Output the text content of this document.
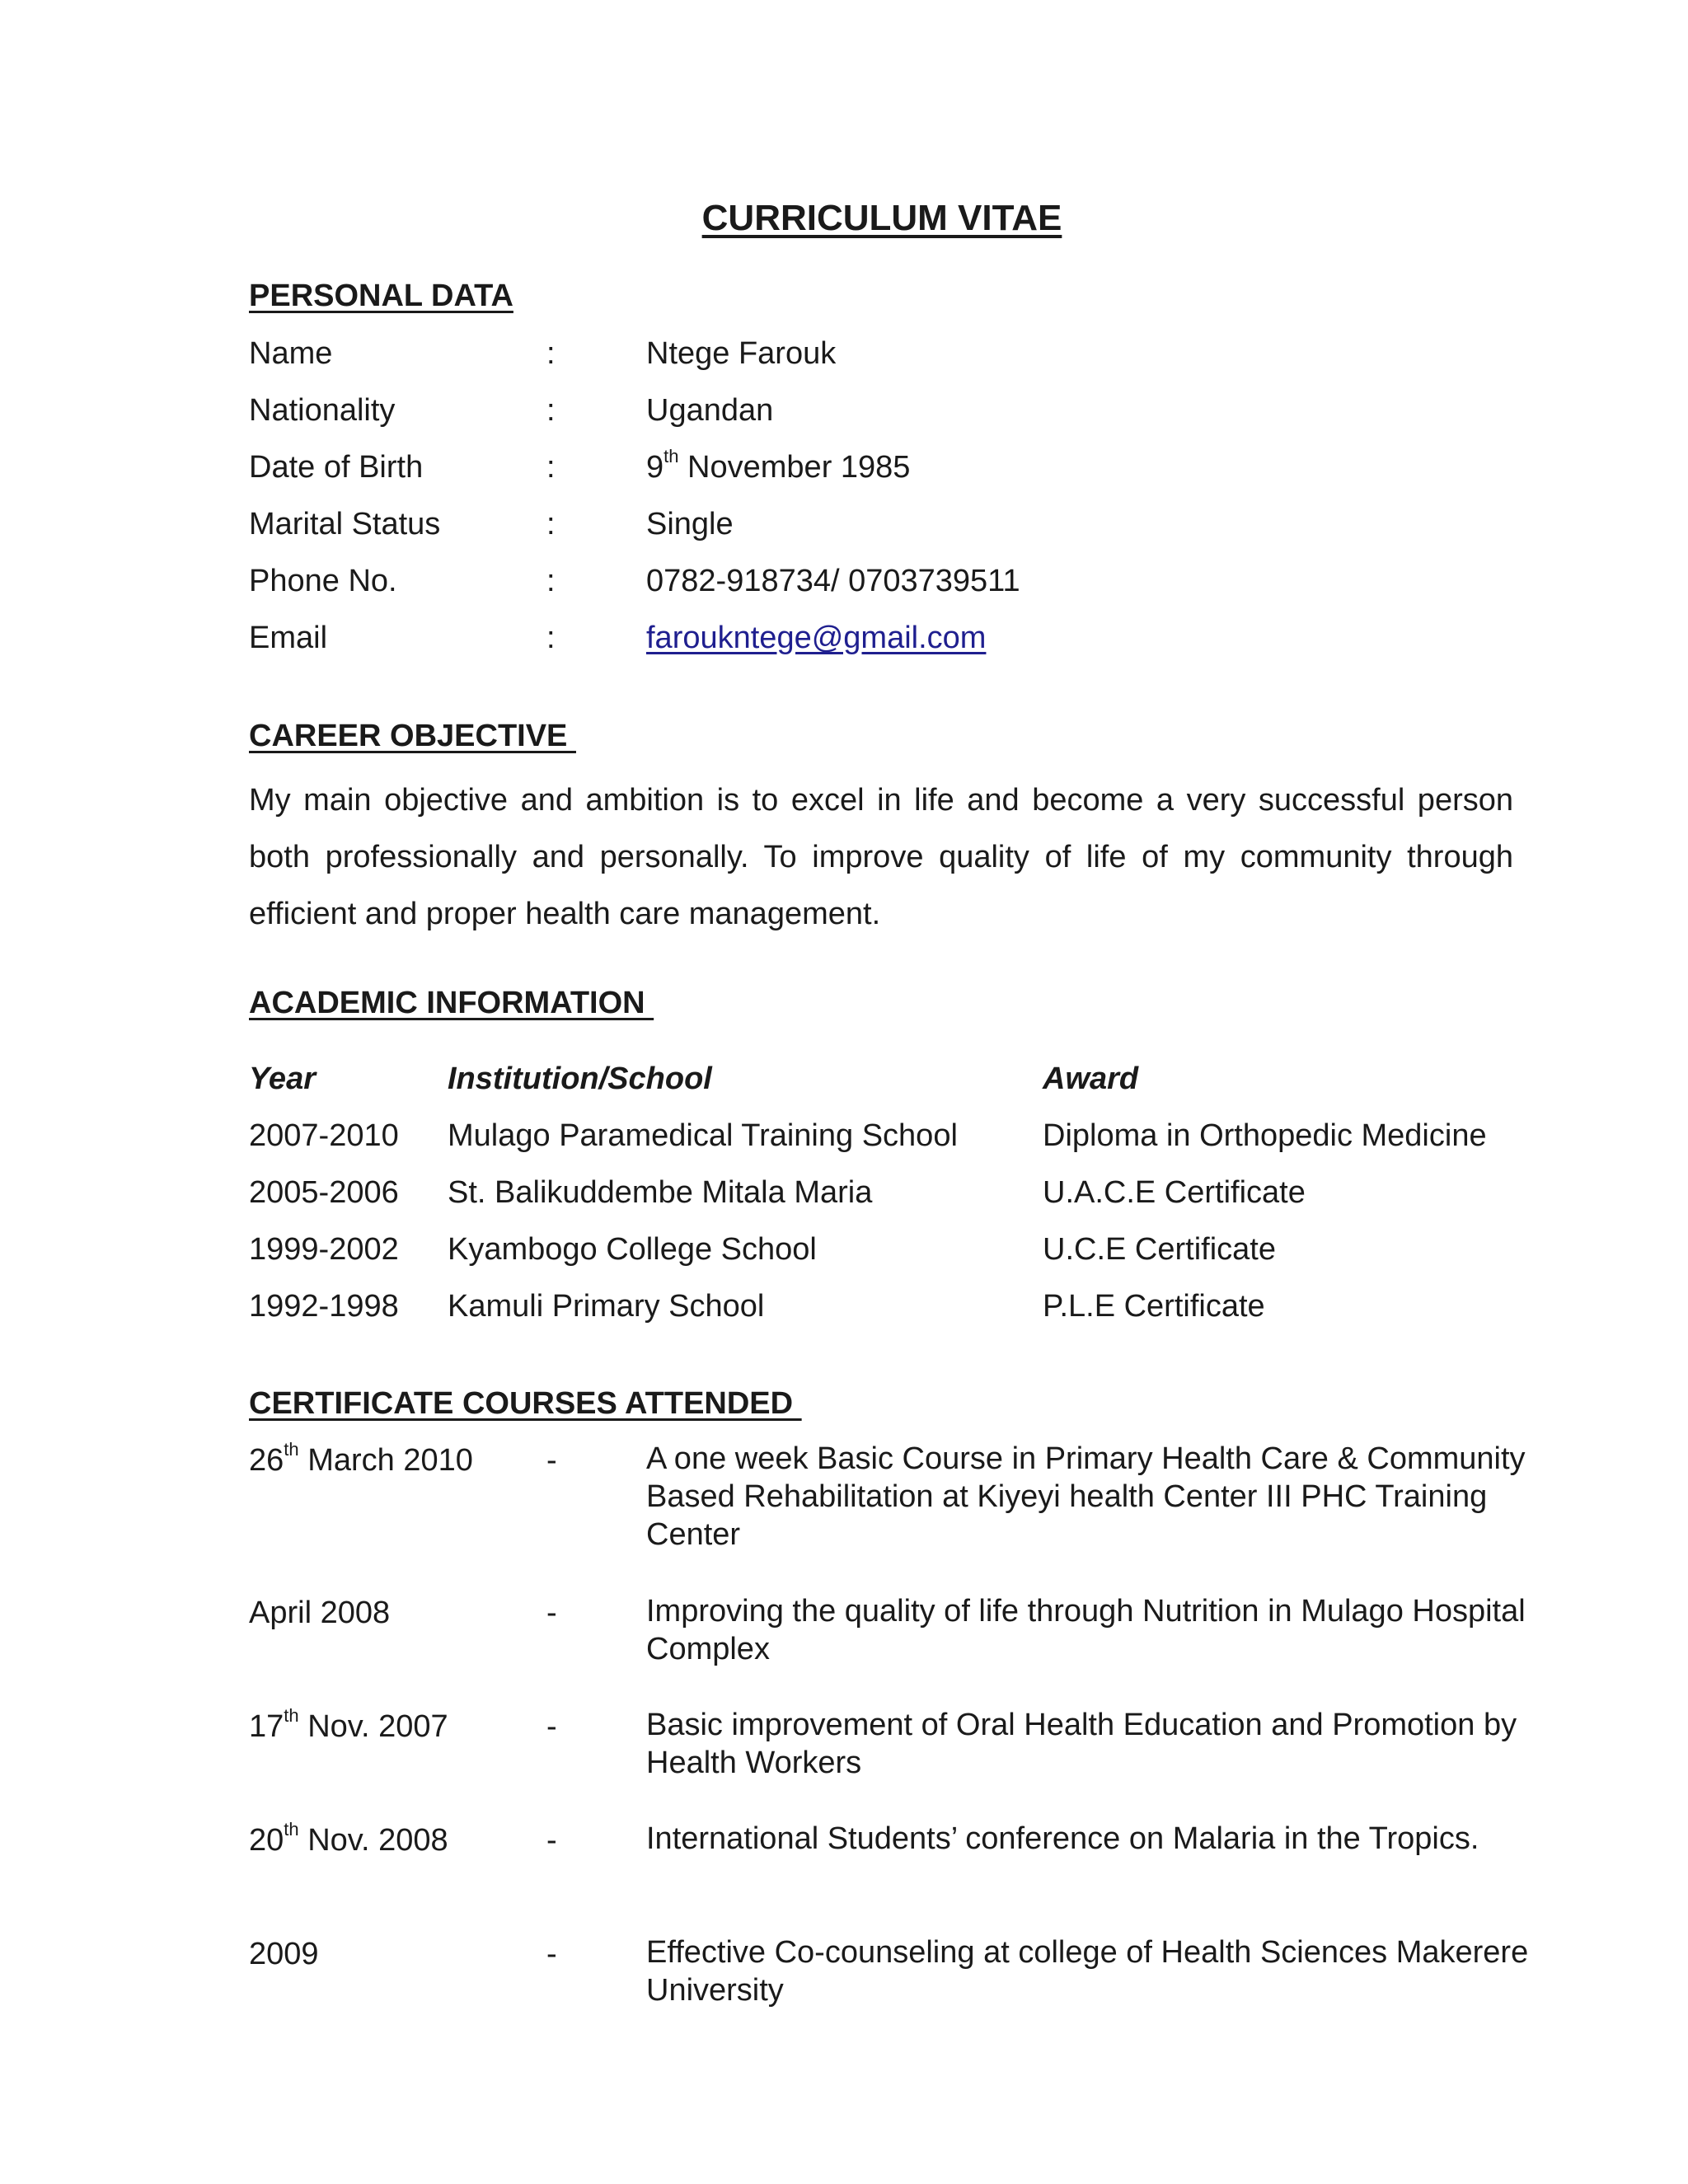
CURRICULUM VITAE
PERSONAL DATA
Name	:	Ntege Farouk
Nationality	:	Ugandan
Date of Birth	:	9th November 1985
Marital Status	:	Single
Phone No.	:	0782-918734/ 0703739511
Email	:	faroukntege@gmail.com
CAREER OBJECTIVE
My main objective and ambition is to excel in life and become a very successful person both professionally and personally. To improve quality of life of my community through efficient and proper health care management.
ACADEMIC INFORMATION
Year	Institution/School	Award
2007-2010 Mulago Paramedical Training School	Diploma in Orthopedic Medicine
2005-2006 St. Balikuddembe Mitala Maria	U.A.C.E Certificate
1999-2002 Kyambogo College School	U.C.E Certificate
1992-1998 Kamuli Primary School	P.L.E Certificate
CERTIFICATE COURSES ATTENDED
26th March 2010 -	A one week Basic Course in Primary Health Care & Community Based Rehabilitation at Kiyeyi health Center III PHC Training Center
April 2008	-	Improving the quality of life through Nutrition in Mulago Hospital Complex
17th Nov. 2007	-	Basic improvement of Oral Health Education and Promotion by Health Workers
20th Nov. 2008	-	International Students’ conference on Malaria in the Tropics.
2009	-	Effective Co-counseling at college of Health Sciences Makerere University
